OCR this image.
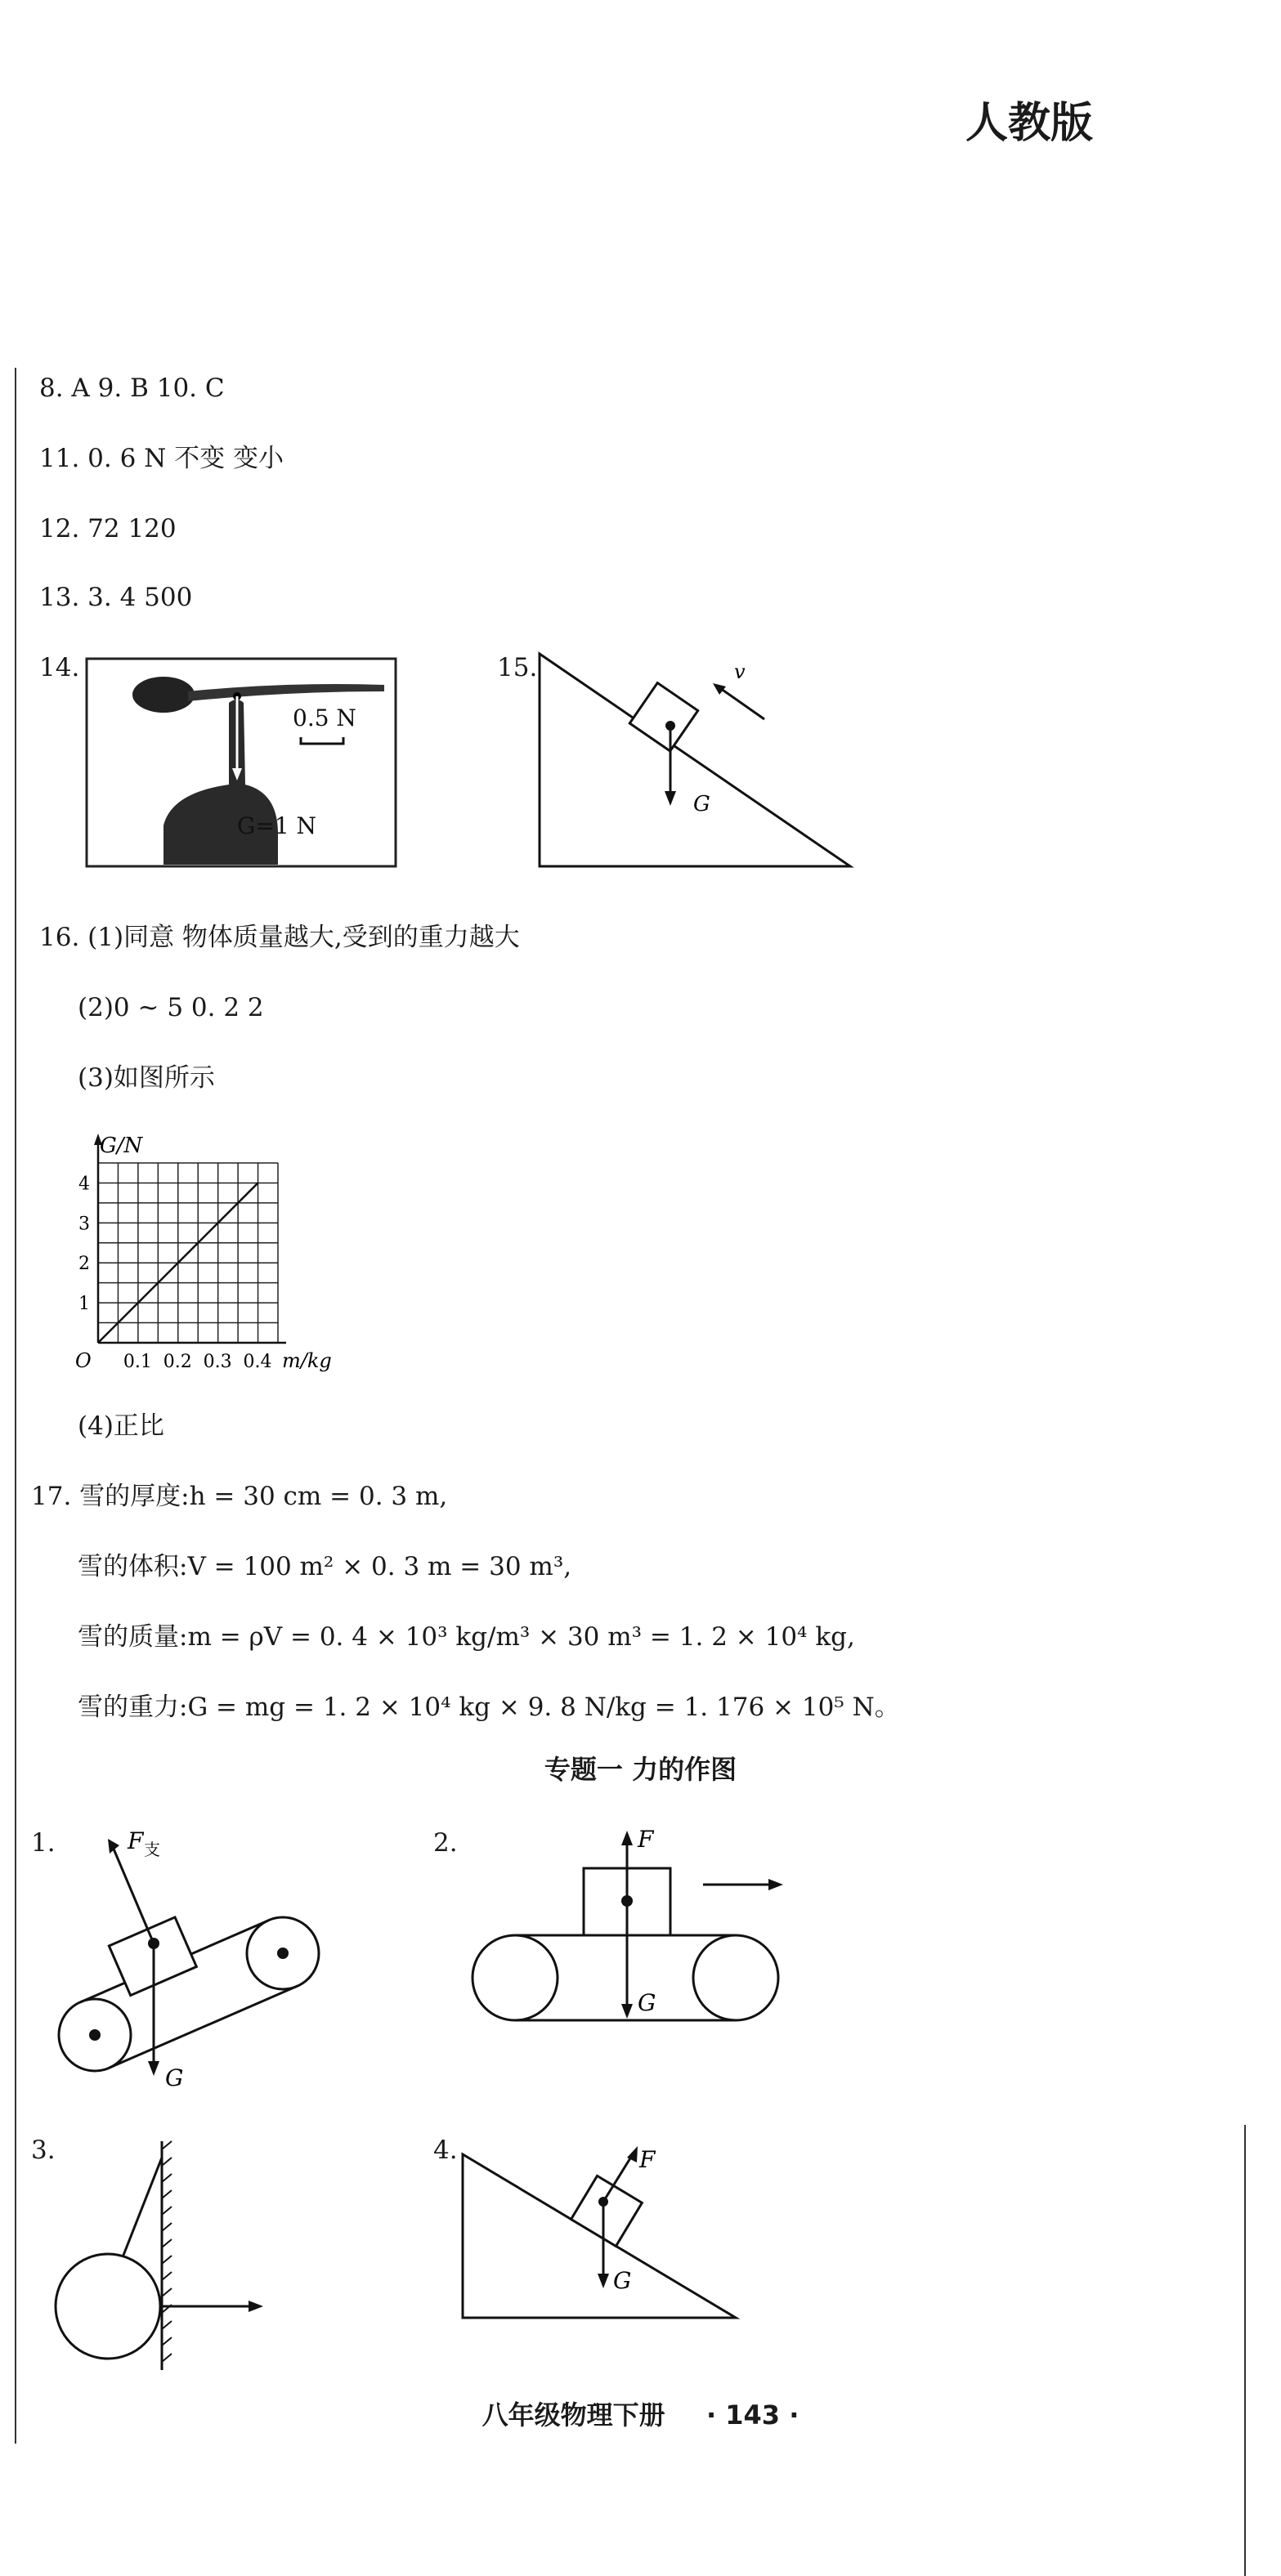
人教版
8. A 9. B 10. C
11. 0. 6 N 不变 变小
12. 72 120
13. 3. 4 500
14.
0.5 N
G=1 N
15.
G
v
16. (1)同意 物体质量越大,受到的重力越大
(2)0 ~ 5 0. 2 2
(3)如图所示
0.1 0.2 0.3 0.4
1
2
3
4
G/N
m/kg
O
(4)正比
17. 雪的厚度:h = 30 cm = 0. 3 m,
雪的体积:V = 100 m² × 0. 3 m = 30 m³,
雪的质量:m = ρV = 0. 4 × 10³ kg/m³ × 30 m³ = 1. 2 × 10⁴ kg,
雪的重力:G = mg = 1. 2 × 10⁴ kg × 9. 8 N/kg = 1. 176 × 10⁵ N。
专题一 力的作图
1.
G
F 支	2.
G
F
3.	4.
G
F
八年级物理下册 · 143 ·
